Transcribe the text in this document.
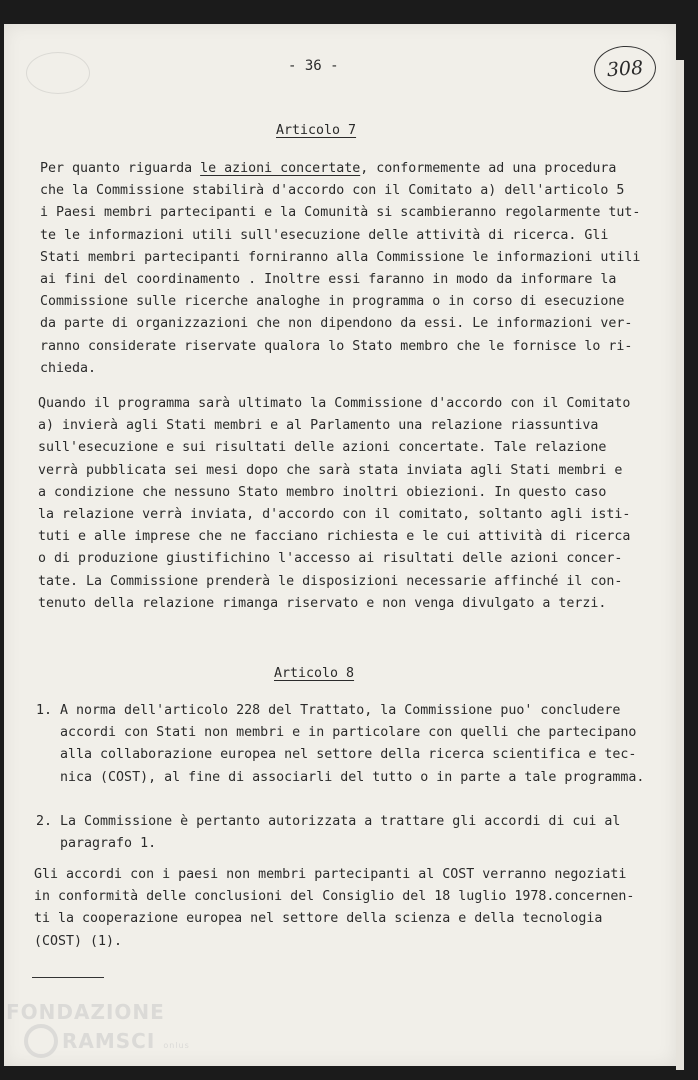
- 36 -	308
Articolo 7
Per quanto riguarda le azioni concertate, conformemente ad una procedura
che la Commissione stabilirà d'accordo con il Comitato a) dell'articolo 5
i Paesi membri partecipanti e la Comunità si scambieranno regolarmente tut-
te le informazioni utili sull'esecuzione delle attività di ricerca. Gli
Stati membri partecipanti forniranno alla Commissione le informazioni utili
ai fini del coordinamento . Inoltre essi faranno in modo da informare la
Commissione sulle ricerche analoghe in programma o in corso di esecuzione
da parte di organizzazioni che non dipendono da essi. Le informazioni ver-
ranno considerate riservate qualora lo Stato membro che le fornisce lo ri-
chieda.
Quando il programma sarà ultimato la Commissione d'accordo con il Comitato
a) invierà agli Stati membri e al Parlamento una relazione riassuntiva
sull'esecuzione e sui risultati delle azioni concertate. Tale relazione
verrà pubblicata sei mesi dopo che sarà stata inviata agli Stati membri e
a condizione che nessuno Stato membro inoltri obiezioni. In questo caso
la relazione verrà inviata, d'accordo con il comitato, soltanto agli isti-
tuti e alle imprese che ne facciano richiesta e le cui attività di ricerca
o di produzione giustifichino l'accesso ai risultati delle azioni concer-
tate. La Commissione prenderà le disposizioni necessarie affinché il con-
tenuto della relazione rimanga riservato e non venga divulgato a terzi.
Articolo 8
1. A norma dell'articolo 228 del Trattato, la Commissione puo' concludere
accordi con Stati non membri e in particolare con quelli che partecipano
alla collaborazione europea nel settore della ricerca scientifica e tec-
nica (COST), al fine di associarli del tutto o in parte a tale programma.

2. La Commissione è pertanto autorizzata a trattare gli accordi di cui al
paragrafo 1.
Gli accordi con i paesi non membri partecipanti al COST verranno negoziati
in conformità delle conclusioni del Consiglio del 18 luglio 1978.concernen-
ti la cooperazione europea nel settore della scienza e della tecnologia
(COST) (1).
FONDAZIONE
RAMSCI onlus
